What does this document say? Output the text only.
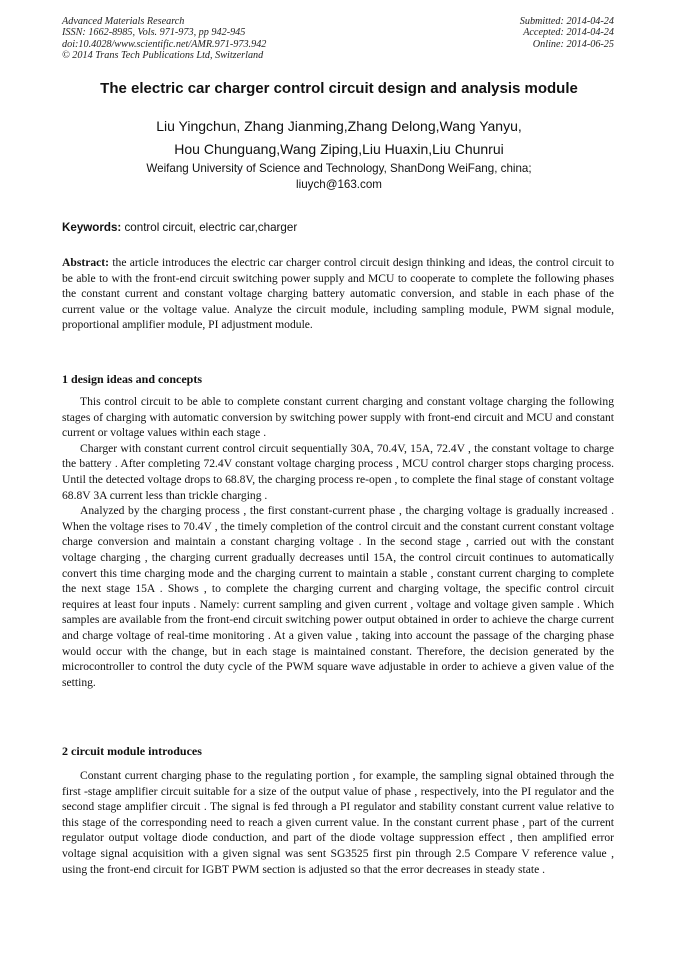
Advanced Materials Research
ISSN: 1662-8985, Vols. 971-973, pp 942-945
doi:10.4028/www.scientific.net/AMR.971-973.942
© 2014 Trans Tech Publications Ltd, Switzerland
Submitted: 2014-04-24
Accepted: 2014-04-24
Online: 2014-06-25
The electric car charger control circuit design and analysis module
Liu Yingchun, Zhang Jianming,Zhang Delong,Wang Yanyu,
Hou Chunguang,Wang Ziping,Liu Huaxin,Liu Chunrui
Weifang University of Science and Technology, ShanDong WeiFang, china;
liuych@163.com
Keywords: control circuit, electric car,charger

Abstract: the article introduces the electric car charger control circuit design thinking and ideas, the control circuit to be able to with the front-end circuit switching power supply and MCU to cooperate to complete the following phases the constant current and constant voltage charging battery automatic conversion, and stable in each phase of the current value or the voltage value. Analyze the circuit module, including sampling module, PWM signal module, proportional amplifier module, PI adjustment module.

1 design ideas and concepts

This control circuit to be able to complete constant current charging and constant voltage charging the following stages of charging with automatic conversion by switching power supply with front-end circuit and MCU and constant current or voltage values within each stage .

Charger with constant current control circuit sequentially 30A, 70.4V, 15A, 72.4V , the constant voltage to charge the battery . After completing 72.4V constant voltage charging process , MCU control charger stops charging process. Until the detected voltage drops to 68.8V, the charging process re-open , to complete the final stage of constant voltage 68.8V 3A current less than trickle charging .

Analyzed by the charging process , the first constant-current phase , the charging voltage is gradually increased . When the voltage rises to 70.4V , the timely completion of the control circuit and the constant current constant voltage charge conversion and maintain a constant charging voltage . In the second stage , carried out with the constant voltage charging , the charging current gradually decreases until 15A, the control circuit continues to automatically convert this time charging mode and the charging current to maintain a stable , constant current charging to complete the next stage 15A . Shows , to complete the charging current and charging voltage, the specific control circuit requires at least four inputs . Namely: current sampling and given current , voltage and voltage given sample . Which samples are available from the front-end circuit switching power output obtained in order to achieve the charge current and charge voltage of real-time monitoring . At a given value , taking into account the passage of the charging phase would occur with the change, but in each stage is maintained constant. Therefore, the decision generated by the microcontroller to control the duty cycle of the PWM square wave adjustable in order to achieve a given value of the setting.

2 circuit module introduces

Constant current charging phase to the regulating portion , for example, the sampling signal obtained through the first -stage amplifier circuit suitable for a size of the output value of phase , respectively, into the PI regulator and the second stage amplifier circuit . The signal is fed through a PI regulator and stability constant current value relative to this stage of the corresponding need to reach a given current value. In the constant current phase , part of the current regulator output voltage diode conduction, and part of the diode voltage suppression effect , then amplified error voltage signal acquisition with a given signal was sent SG3525 first pin through 2.5 Compare V reference value , using the front-end circuit for IGBT PWM section is adjusted so that the error decreases in steady state .
